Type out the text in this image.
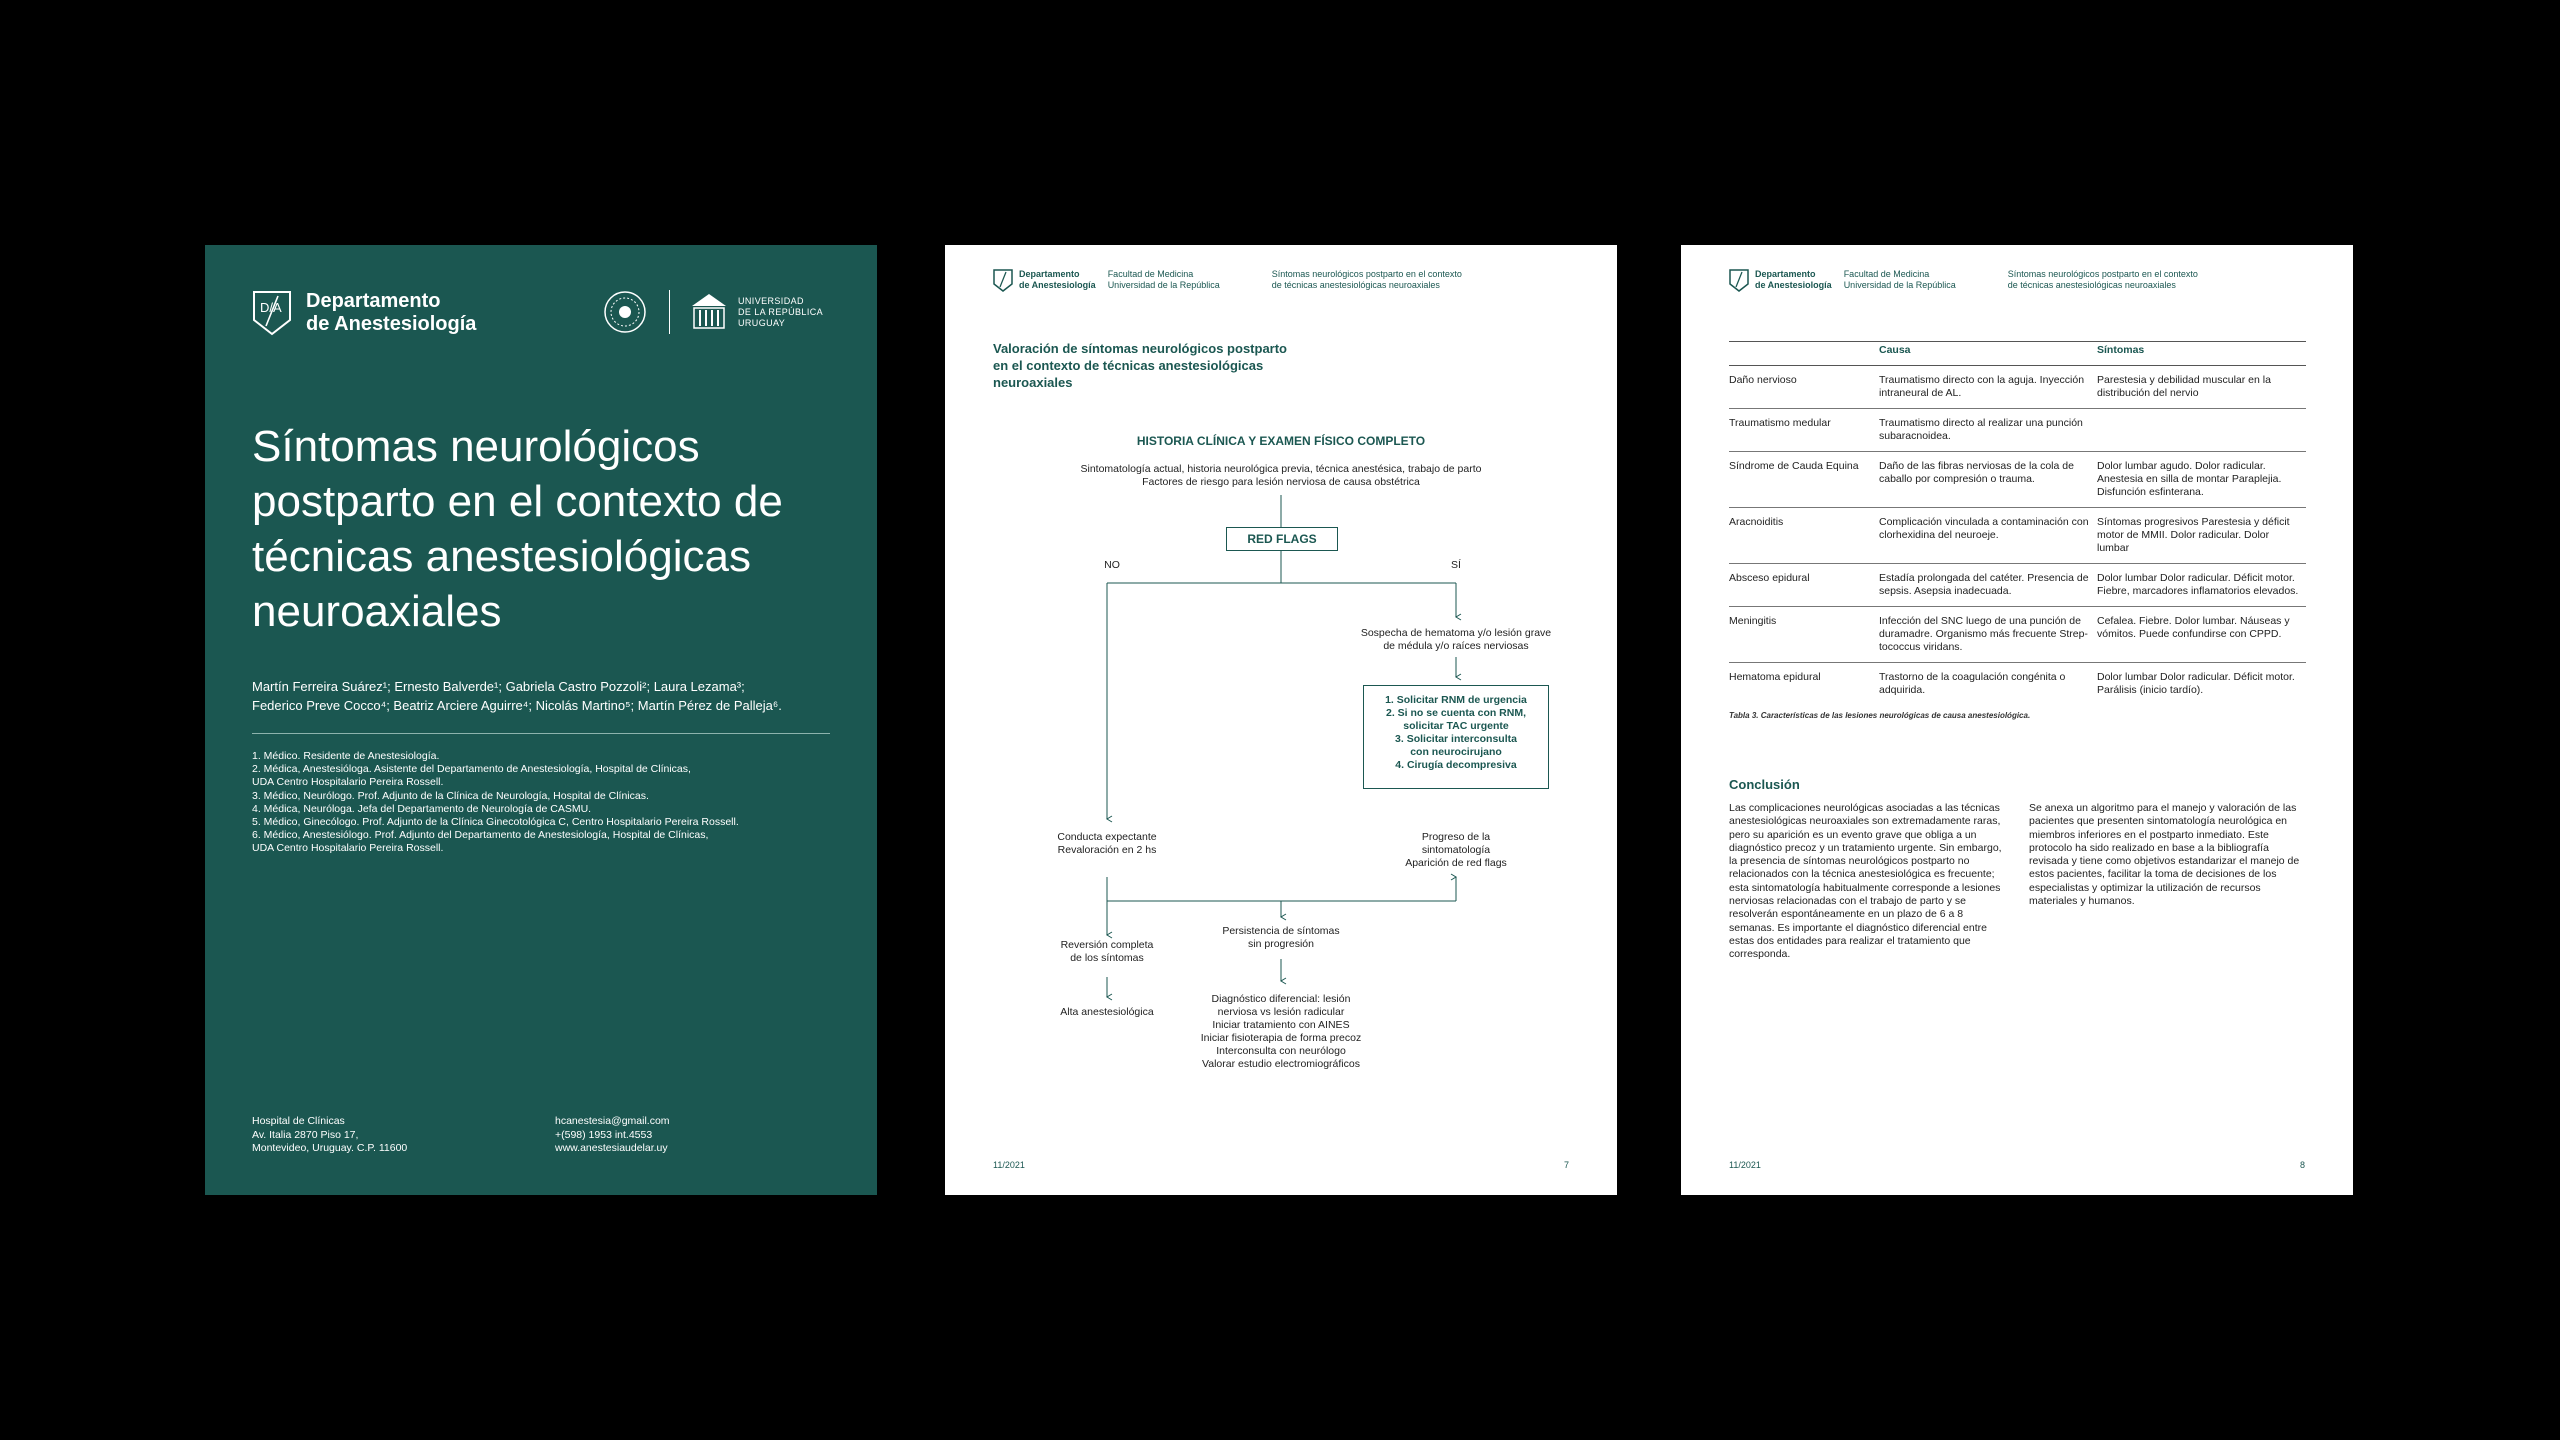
D/A Departamento
de Anestesiología
UNIVERSIDAD
DE LA REPÚBLICA
URUGUAY
Síntomas neurológicos postparto en el contexto de técnicas anestesiológicas neuroaxiales
Martín Ferreira Suárez¹; Ernesto Balverde¹; Gabriela Castro Pozzoli²; Laura Lezama³;
Federico Preve Cocco⁴; Beatriz Arciere Aguirre⁴; Nicolás Martino⁵; Martín Pérez de Palleja⁶.
1. Médico. Residente de Anestesiología.
2. Médica, Anestesióloga. Asistente del Departamento de Anestesiología, Hospital de Clínicas,
UDA Centro Hospitalario Pereira Rossell.
3. Médico, Neurólogo. Prof. Adjunto de la Clínica de Neurología, Hospital de Clínicas.
4. Médica, Neuróloga. Jefa del Departamento de Neurología de CASMU.
5. Médico, Ginecólogo. Prof. Adjunto de la Clínica Ginecotológica C, Centro Hospitalario Pereira Rossell.
6. Médico, Anestesiólogo. Prof. Adjunto del Departamento de Anestesiología, Hospital de Clínicas,
UDA Centro Hospitalario Pereira Rossell.
Hospital de Clínicas
Av. Italia 2870 Piso 17,
Montevideo, Uruguay. C.P. 11600
hcanestesia@gmail.com
+(598) 1953 int.4553
www.anestesiaudelar.uy
Departamento
de Anestesiología
Facultad de Medicina
Universidad de la República
Síntomas neurológicos postparto en el contexto
de técnicas anestesiológicas neuroaxiales
Valoración de síntomas neurológicos postparto en el contexto de técnicas anestesiológicas neuroaxiales
HISTORIA CLÍNICA Y EXAMEN FÍSICO COMPLETO
Sintomatología actual, historia neurológica previa, técnica anestésica, trabajo de parto
Factores de riesgo para lesión nerviosa de causa obstétrica
RED FLAGS
NO	SÍ
Sospecha de hematoma y/o lesión grave
de médula y/o raíces nerviosas
1. Solicitar RNM de urgencia
2. Si no se cuenta con RNM,
solicitar TAC urgente
3. Solicitar interconsulta
con neurocirujano
4. Cirugía decompresiva
Conducta expectante
Revaloración en 2 hs
Progreso de la
sintomatología
Aparición de red flags
Persistencia de síntomas
sin progresión
Reversión completa
de los síntomas
Alta anestesiológica
Diagnóstico diferencial: lesión
nerviosa vs lesión radicular
Iniciar tratamiento con AINES
Iniciar fisioterapia de forma precoz
Interconsulta con neurólogo
Valorar estudio electromiográficos
11/2021	7
Departamento
de Anestesiología
Facultad de Medicina
Universidad de la República
Síntomas neurológicos postparto en el contexto
de técnicas anestesiológicas neuroaxiales
	Causa	Síntomas
Daño nervioso	Traumatismo directo con la aguja. Inyección intraneural de AL.	Parestesia y debilidad muscular en la distribución del nervio
Traumatismo medular	Traumatismo directo al realizar una punción subaracnoidea.	
Síndrome de Cauda Equina	Daño de las fibras nerviosas de la cola de caballo por compresión o trauma.	Dolor lumbar agudo. Dolor radicular. Anestesia en silla de montar Paraplejia. Disfunción esfinterana.
Aracnoiditis	Complicación vinculada a contaminación con clorhexidina del neuroeje.	Síntomas progresivos Parestesia y déficit motor de MMII. Dolor radicular. Dolor lumbar
Absceso epidural	Estadía prolongada del catéter. Presencia de sepsis. Asepsia inadecuada.	Dolor lumbar Dolor radicular. Déficit motor. Fiebre, marcadores inflamatorios elevados.
Meningitis	Infección del SNC luego de una punción de duramadre. Organismo más frecuente Strep-tococcus viridans.	Cefalea. Fiebre. Dolor lumbar. Náuseas y vómitos. Puede confundirse con CPPD.
Hematoma epidural	Trastorno de la coagulación congénita o adquirida.	Dolor lumbar Dolor radicular. Déficit motor. Parálisis (inicio tardío).
Tabla 3. Características de las lesiones neurológicas de causa anestesiológica.
Conclusión
Las complicaciones neurológicas asociadas a las técnicas anestesiológicas neuroaxiales son extremadamente raras, pero su aparición es un evento grave que obliga a un diagnóstico precoz y un tratamiento urgente. Sin embargo, la presencia de síntomas neurológicos postparto no relacionados con la técnica anestesiológica es frecuente; esta sintomatología habitualmente corresponde a lesiones nerviosas relacionadas con el trabajo de parto y se resolverán espontáneamente en un plazo de 6 a 8 semanas. Es importante el diagnóstico diferencial entre estas dos entidades para realizar el tratamiento que corresponda.
Se anexa un algoritmo para el manejo y valoración de las pacientes que presenten sintomatología neurológica en miembros inferiores en el postparto inmediato. Este protocolo ha sido realizado en base a la bibliografía revisada y tiene como objetivos estandarizar el manejo de estos pacientes, facilitar la toma de decisiones de los especialistas y optimizar la utilización de recursos materiales y humanos.
11/2021	8
